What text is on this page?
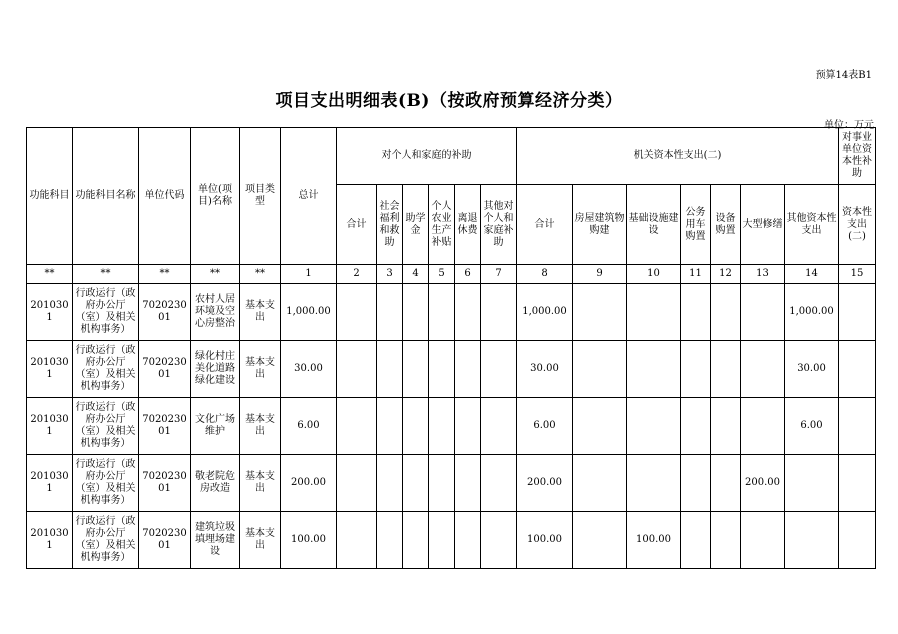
预算14表B1
项目支出明细表(B)（按政府预算经济分类）
单位：万元
功能科目	功能科目名称	单位代码	单位(项目)名称	项目类型	总计	对个人和家庭的补助						机关资本性支出(二)							对事业单位资本性补助
						合计	社会福利和救助	助学金	个人农业生产补贴	离退休费	其他对个人和家庭补助	合计	房屋建筑物购建	基础设施建设	公务用车购置	设备购置	大型修缮	其他资本性支出	资本性支出(二)
**	**	**	**	**	1	2	3	4	5	6	7	8	9	10	11	12	13	14	15
2010301	行政运行（政府办公厅（室）及相关机构事务）	702023001	农村人居环境及空心房整治	基本支出	1,000.00							1,000.00						1,000.00	
2010301	行政运行（政府办公厅（室）及相关机构事务）	702023001	绿化村庄美化道路绿化建设	基本支出	30.00							30.00						30.00	
2010301	行政运行（政府办公厅（室）及相关机构事务）	702023001	文化广场维护	基本支出	6.00							6.00						6.00	
2010301	行政运行（政府办公厅（室）及相关机构事务）	702023001	敬老院危房改造	基本支出	200.00							200.00					200.00		
2010301	行政运行（政府办公厅（室）及相关机构事务）	702023001	建筑垃圾填埋场建设	基本支出	100.00							100.00		100.00					
